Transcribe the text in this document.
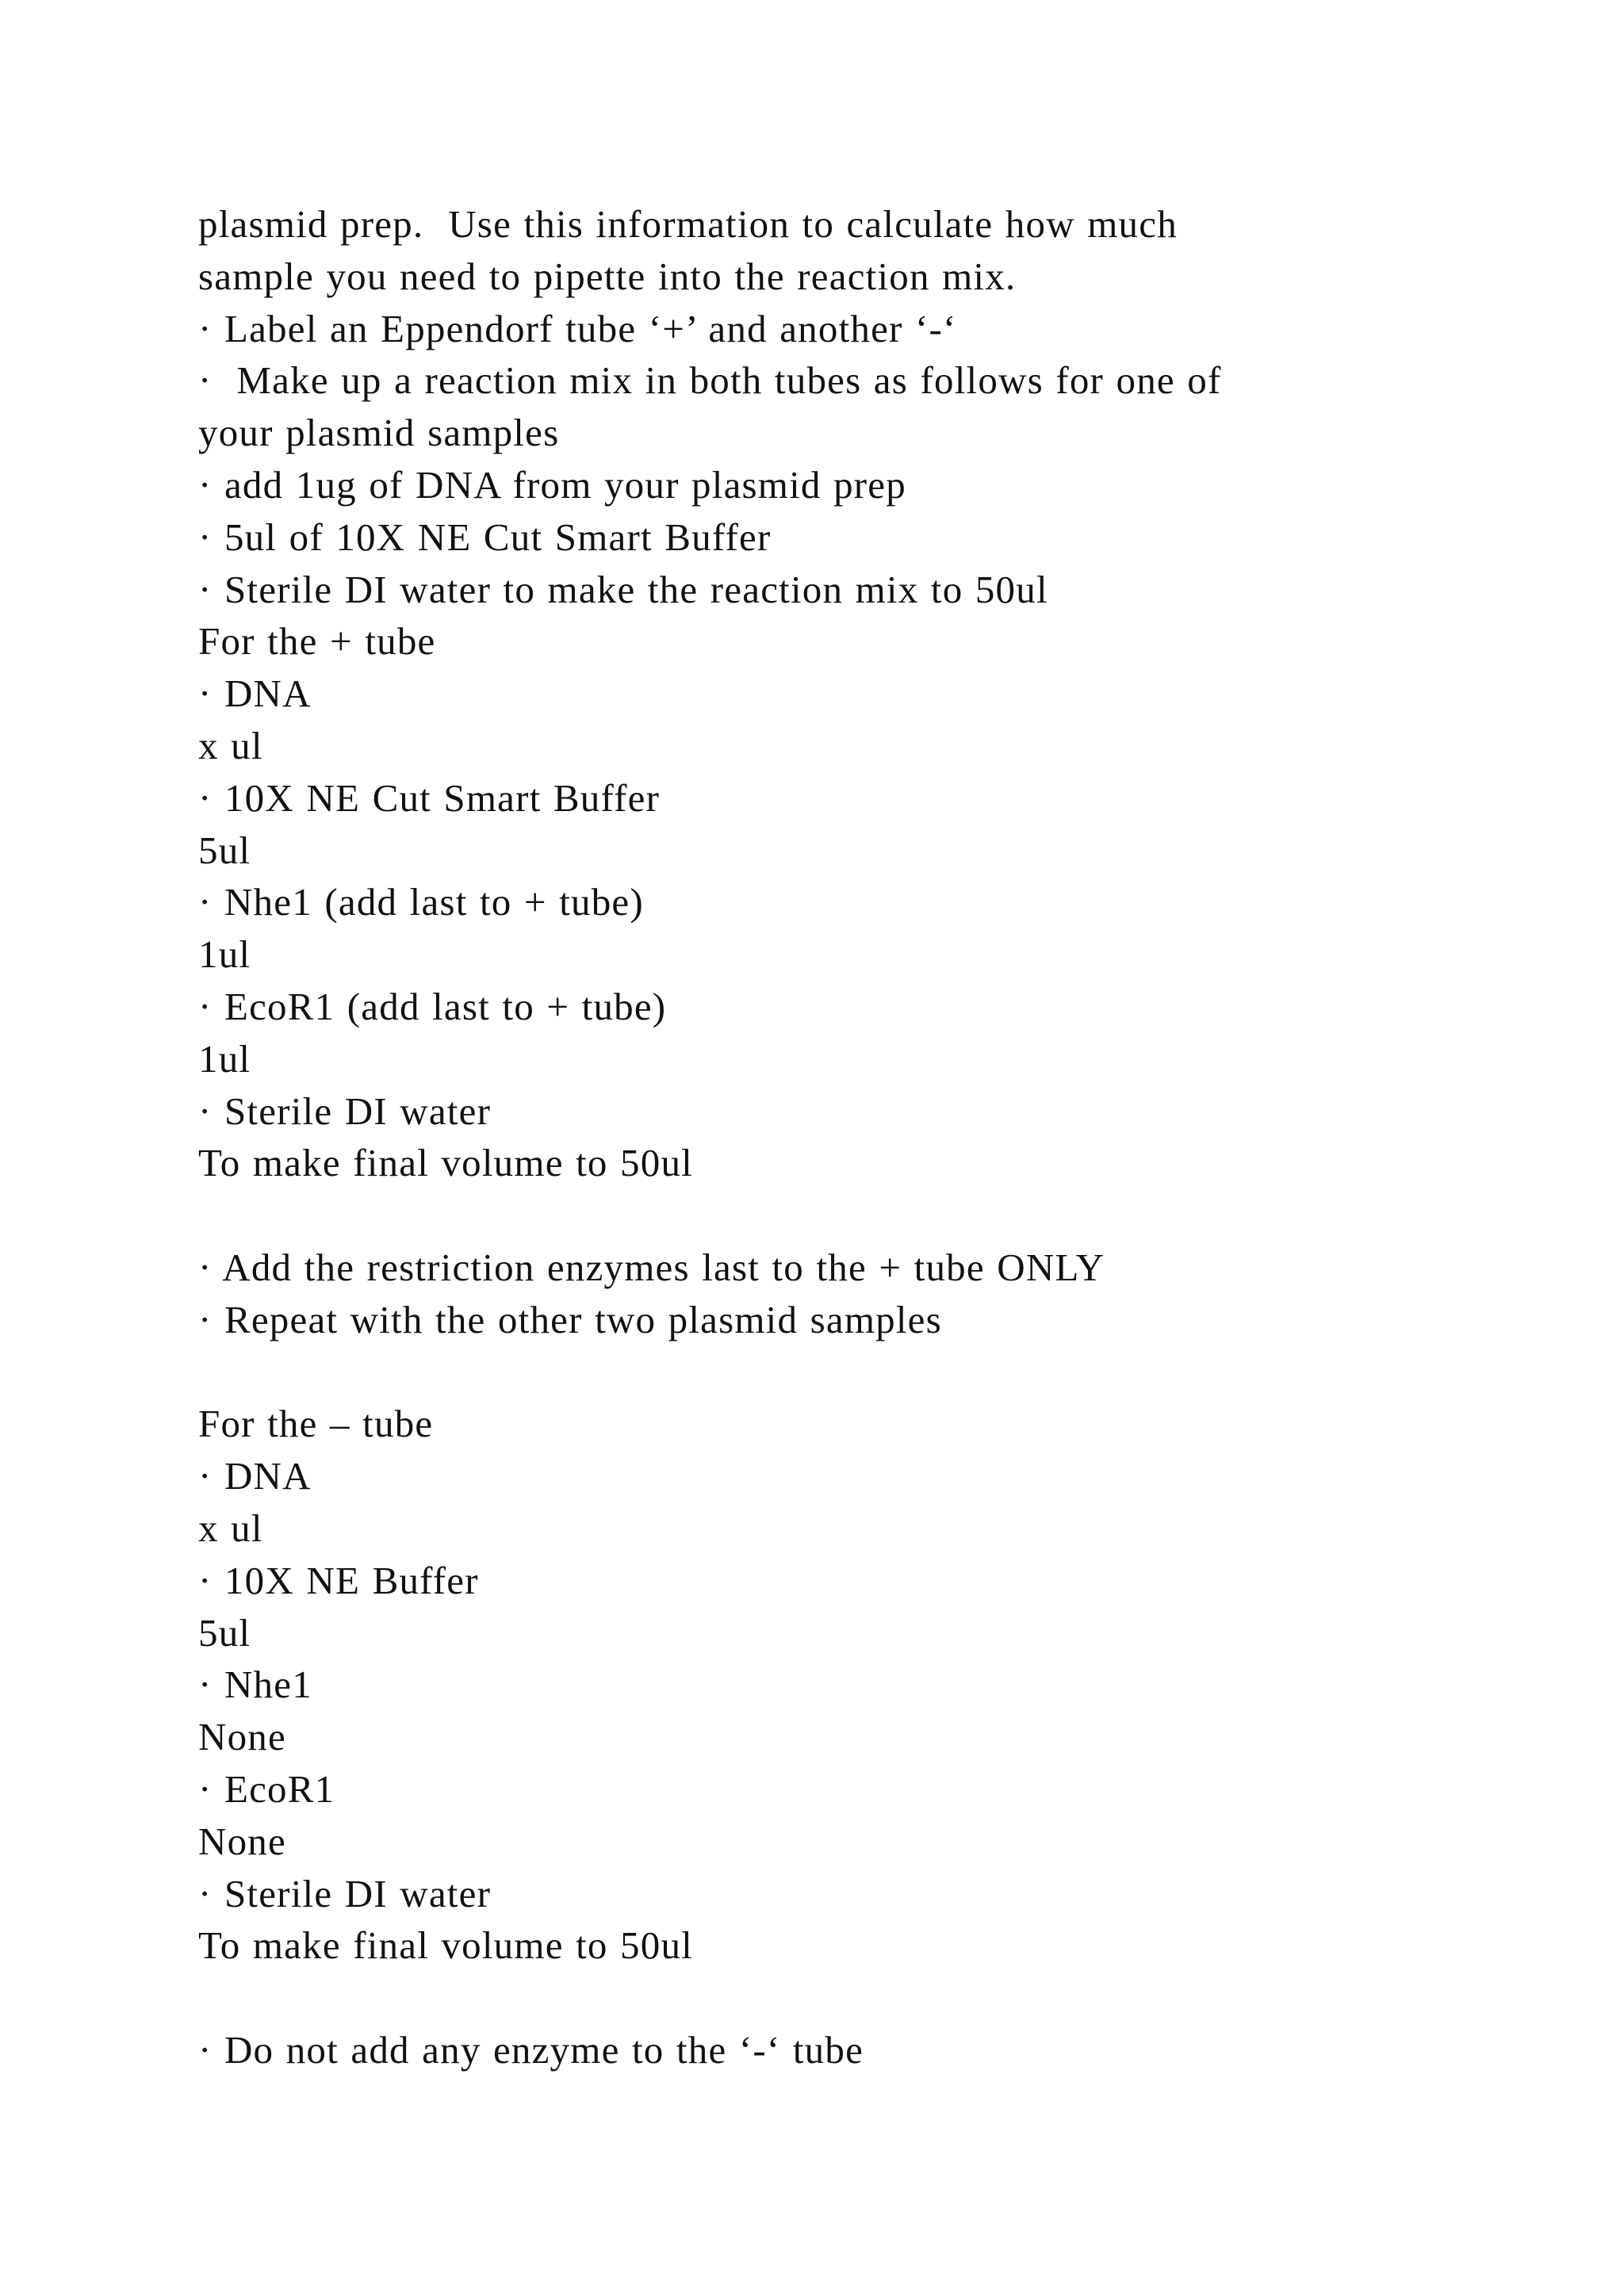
plasmid prep.  Use this information to calculate how much
sample you need to pipette into the reaction mix.
· Label an Eppendorf tube ‘+’ and another ‘-‘
·  Make up a reaction mix in both tubes as follows for one of
your plasmid samples
· add 1ug of DNA from your plasmid prep
· 5ul of 10X NE Cut Smart Buffer
· Sterile DI water to make the reaction mix to 50ul
For the + tube
· DNA
x ul
· 10X NE Cut Smart Buffer
5ul
· Nhe1 (add last to + tube)
1ul
· EcoR1 (add last to + tube)
1ul
· Sterile DI water
To make final volume to 50ul
· Add the restriction enzymes last to the + tube ONLY
· Repeat with the other two plasmid samples
For the – tube
· DNA
x ul
· 10X NE Buffer
5ul
· Nhe1
None
· EcoR1
None
· Sterile DI water
To make final volume to 50ul
· Do not add any enzyme to the ‘-‘ tube
